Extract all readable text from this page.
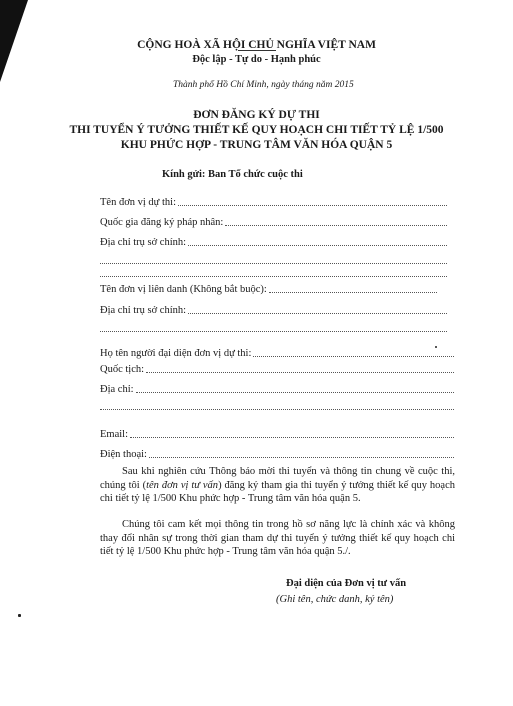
CỘNG HOÀ XÃ HỘI CHỦ NGHĨA VIỆT NAM
Độc lập - Tự do - Hạnh phúc
Thành phố Hồ Chí Minh, ngày tháng năm 2015
ĐƠN ĐĂNG KÝ DỰ THI
THI TUYỂN Ý TƯỞNG THIẾT KẾ QUY HOẠCH CHI TIẾT TỶ LỆ 1/500
KHU PHỨC HỢP - TRUNG TÂM VĂN HÓA QUẬN 5
Kính gửi: Ban Tổ chức cuộc thi
Tên đơn vị dự thi:
Quốc gia đăng ký pháp nhân:
Địa chỉ trụ sở chính:
Tên đơn vị liên danh (Không bắt buộc):
Địa chỉ trụ sở chính:
Họ tên người đại diện đơn vị dự thi:
Quốc tịch:
Địa chỉ:
Email:
Điện thoại:
Sau khi nghiên cứu Thông báo mời thi tuyển và thông tin chung về cuộc thi, chúng tôi (tên đơn vị tư vấn) đăng ký tham gia thi tuyển ý tưởng thiết kế quy hoạch chi tiết tỷ lệ 1/500 Khu phức hợp - Trung tâm văn hóa quận 5.
Chúng tôi cam kết mọi thông tin trong hồ sơ năng lực là chính xác và không thay đổi nhân sự trong thời gian tham dự thi tuyển ý tưởng thiết kế quy hoạch chi tiết tỷ lệ 1/500 Khu phức hợp - Trung tâm văn hóa quận 5./.
Đại diện của Đơn vị tư vấn
(Ghi tên, chức danh, ký tên)
